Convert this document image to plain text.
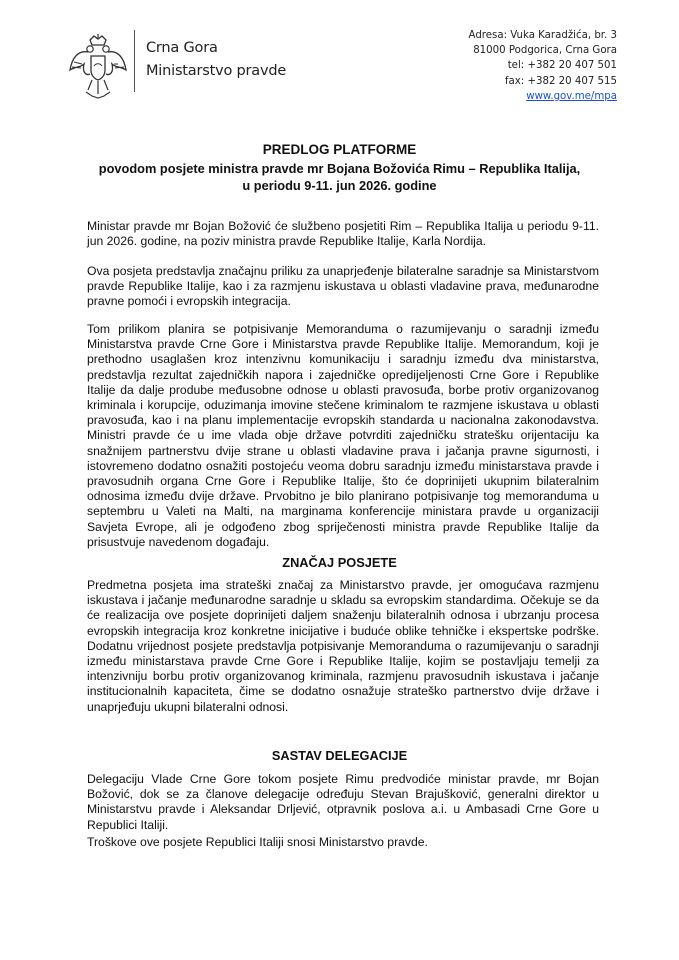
Crna Gora
Ministarstvo pravde
Adresa: Vuka Karadžića, br. 3
81000 Podgorica, Crna Gora
tel: +382 20 407 501
fax: +382 20 407 515
www.gov.me/mpa
PREDLOG PLATFORME
povodom posjete ministra pravde mr Bojana Božovića Rimu – Republika Italija,
u periodu 9-11. jun 2026. godine
Ministar pravde mr Bojan Božović će službeno posjetiti Rim – Republika Italija u periodu 9-11. jun 2026. godine, na poziv ministra pravde Republike Italije, Karla Nordija.
Ova posjeta predstavlja značajnu priliku za unaprjeđenje bilateralne saradnje sa Ministarstvom pravde Republike Italije, kao i za razmjenu iskustava u oblasti vladavine prava, međunarodne pravne pomoći i evropskih integracija.
Tom prilikom planira se potpisivanje Memoranduma o razumijevanju o saradnji između Ministarstva pravde Crne Gore i Ministarstva pravde Republike Italije. Memorandum, koji je prethodno usaglašen kroz intenzivnu komunikaciju i saradnju između dva ministarstva, predstavlja rezultat zajedničkih napora i zajedničke opredijeljenosti Crne Gore i Republike Italije da dalje prodube međusobne odnose u oblasti pravosuđa, borbe protiv organizovanog kriminala i korupcije, oduzimanja imovine stečene kriminalom te razmjene iskustava u oblasti pravosuđa, kao i na planu implementacije evropskih standarda u nacionalna zakonodavstva. Ministri pravde će u ime vlada obje države potvrditi zajedničku stratešku orijentaciju ka snažnijem partnerstvu dvije strane u oblasti vladavine prava i jačanja pravne sigurnosti, i istovremeno dodatno osnažiti postojeću veoma dobru saradnju između ministarstava pravde i pravosudnih organa Crne Gore i Republike Italije, što će doprinijeti ukupnim bilateralnim odnosima između dvije države. Prvobitno je bilo planirano potpisivanje tog memoranduma u septembru u Valeti na Malti, na marginama konferencije ministara pravde u organizaciji Savjeta Evrope, ali je odgođeno zbog spriječenosti ministra pravde Republike Italije da prisustvuje navedenom događaju.
ZNAČAJ POSJETE
Predmetna posjeta ima strateški značaj za Ministarstvo pravde, jer omogućava razmjenu iskustava i jačanje međunarodne saradnje u skladu sa evropskim standardima. Očekuje se da će realizacija ove posjete doprinijeti daljem snaženju bilateralnih odnosa i ubrzanju procesa evropskih integracija kroz konkretne inicijative i buduće oblike tehničke i ekspertske podrške. Dodatnu vrijednost posjete predstavlja potpisivanje Memoranduma o razumijevanju o saradnji između ministarstava pravde Crne Gore i Republike Italije, kojim se postavljaju temelji za intenzivniju borbu protiv organizovanog kriminala, razmjenu pravosudnih iskustava i jačanje institucionalnih kapaciteta, čime se dodatno osnažuje strateško partnerstvo dvije države i unaprjeđuju ukupni bilateralni odnosi.
SASTAV DELEGACIJE
Delegaciju Vlade Crne Gore tokom posjete Rimu predvodiće ministar pravde, mr Bojan Božović, dok se za članove delegacije određuju Stevan Brajušković, generalni direktor u Ministarstvu pravde i Aleksandar Drljević, otpravnik poslova a.i. u Ambasadi Crne Gore u Republici Italiji.
Troškove ove posjete Republici Italiji snosi Ministarstvo pravde.
